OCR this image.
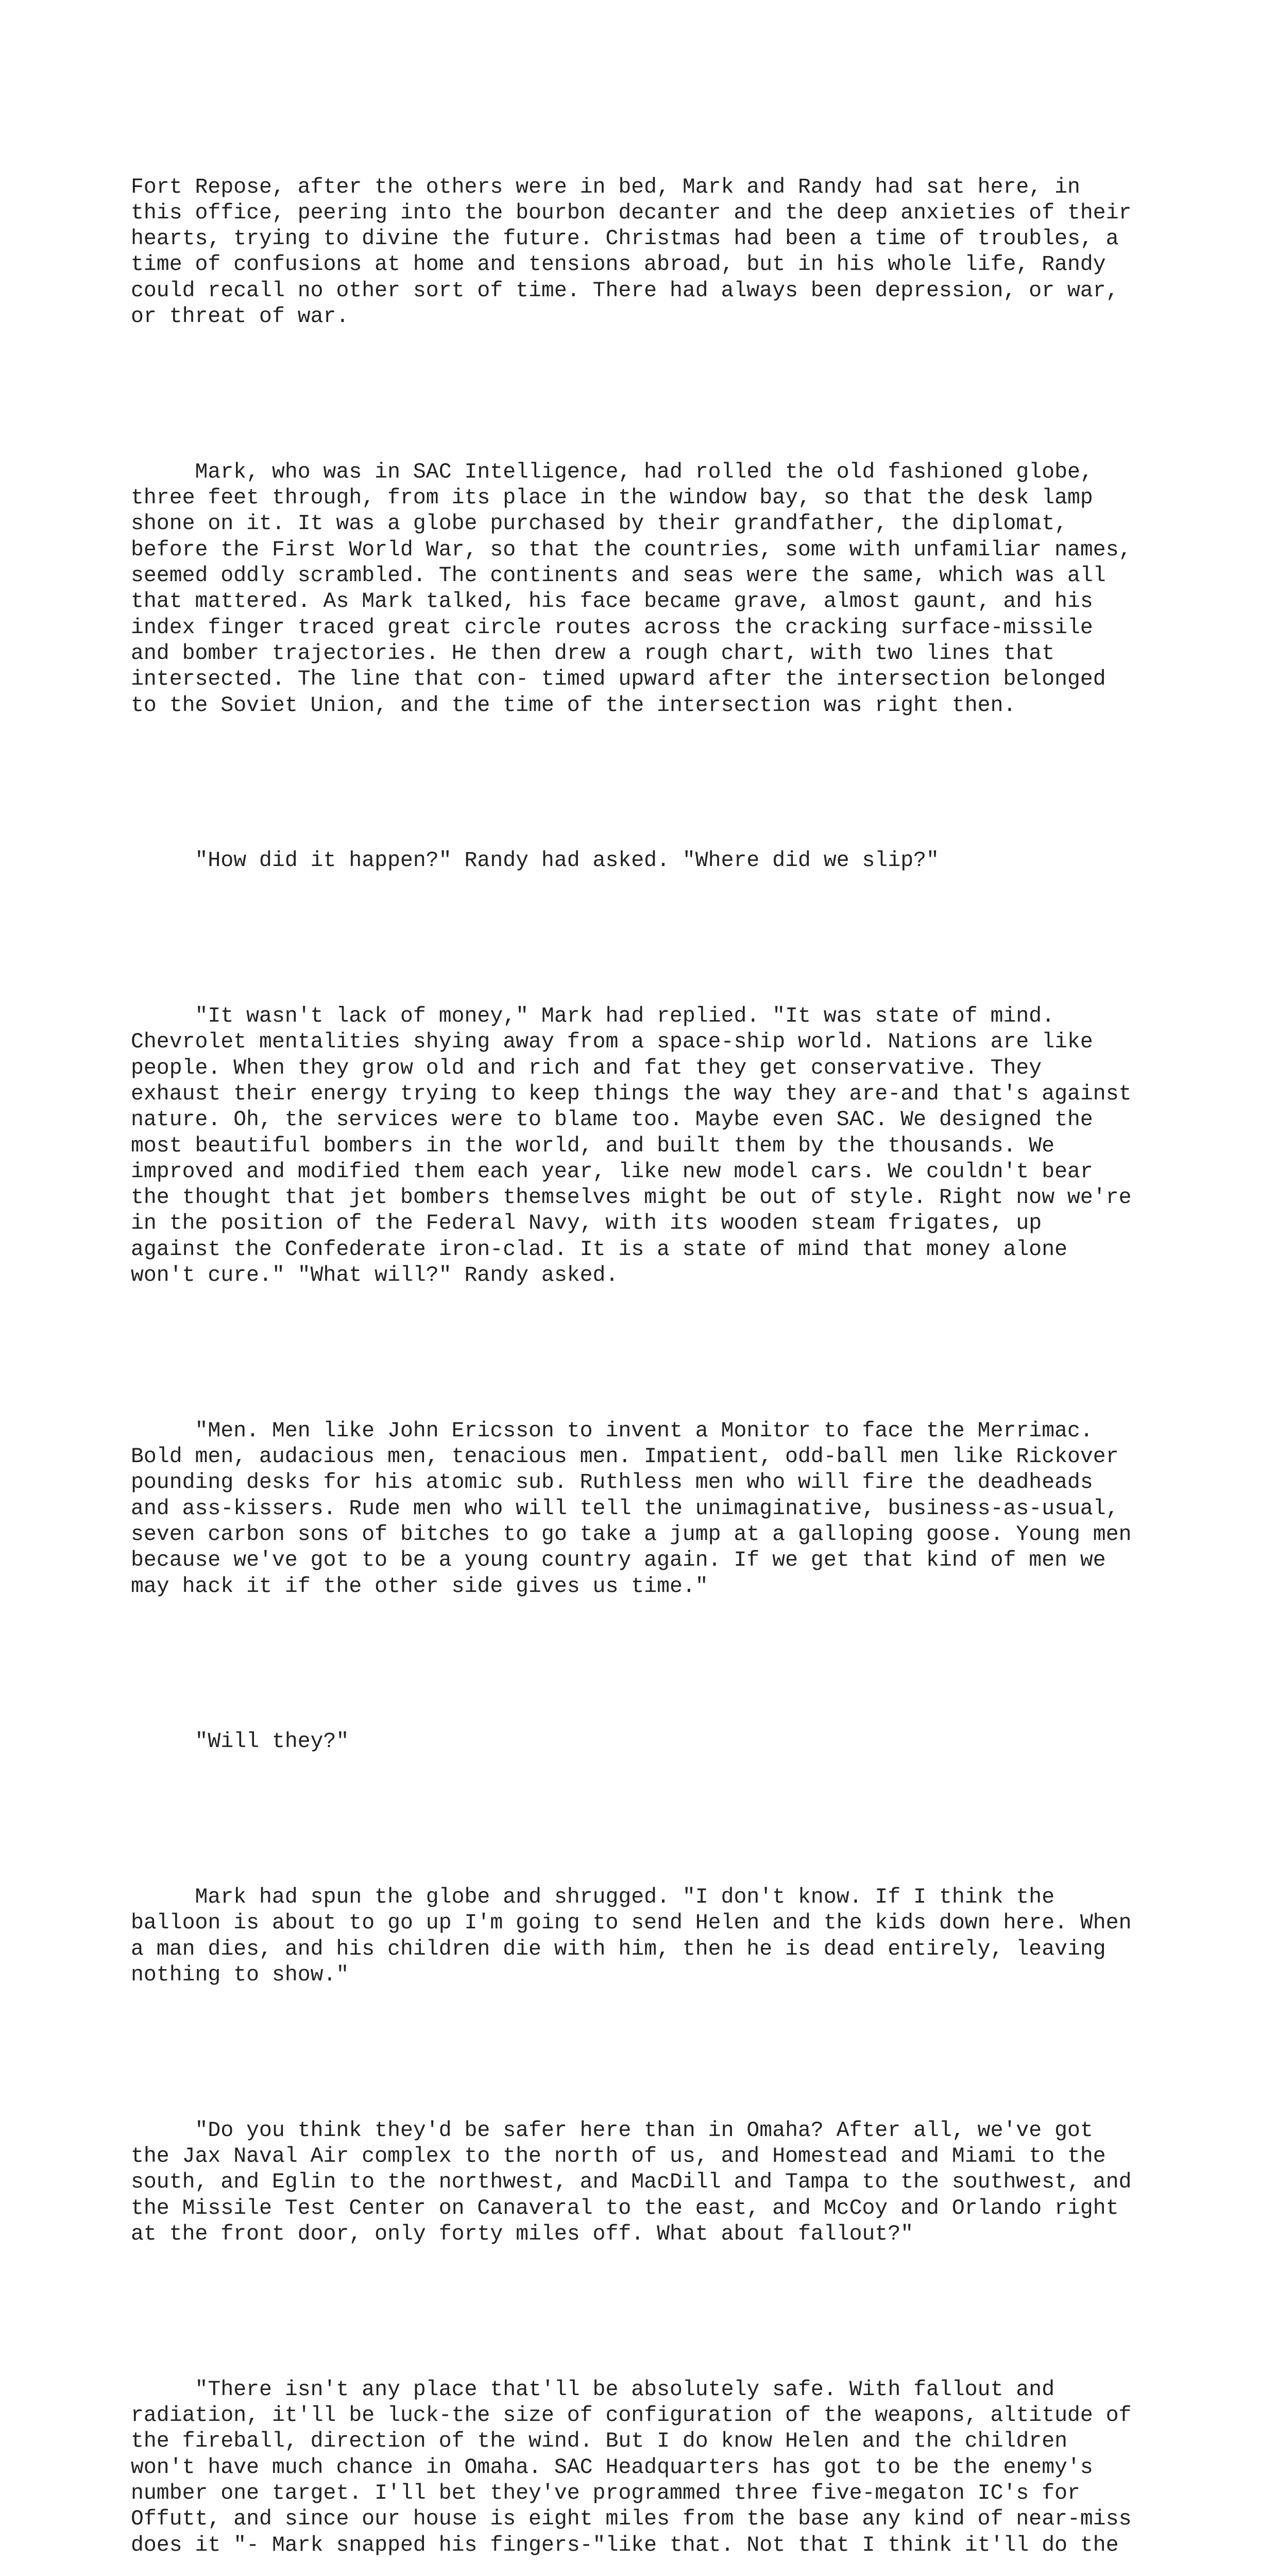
Fort Repose, after the others were in bed, Mark and Randy had sat here, in
this office, peering into the bourbon decanter and the deep anxieties of their
hearts, trying to divine the future. Christmas had been a time of troubles, a
time of confusions at home and tensions abroad, but in his whole life, Randy
could recall no other sort of time. There had always been depression, or war,
or threat of war.

Mark, who was in SAC Intelligence, had rolled the old fashioned globe,
three feet through, from its place in the window bay, so that the desk lamp
shone on it. It was a globe purchased by their grandfather, the diplomat,
before the First World War, so that the countries, some with unfamiliar names,
seemed oddly scrambled. The continents and seas were the same, which was all
that mattered. As Mark talked, his face became grave, almost gaunt, and his
index finger traced great circle routes across the cracking surface-missile
and bomber trajectories. He then drew a rough chart, with two lines that
intersected. The line that con- timed upward after the intersection belonged
to the Soviet Union, and the time of the intersection was right then.

"How did it happen?" Randy had asked. "Where did we slip?"

"It wasn't lack of money," Mark had replied. "It was state of mind.
Chevrolet mentalities shying away from a space-ship world. Nations are like
people. When they grow old and rich and fat they get conservative. They
exhaust their energy trying to keep things the way they are-and that's against
nature. Oh, the services were to blame too. Maybe even SAC. We designed the
most beautiful bombers in the world, and built them by the thousands. We
improved and modified them each year, like new model cars. We couldn't bear
the thought that jet bombers themselves might be out of style. Right now we're
in the position of the Federal Navy, with its wooden steam frigates, up
against the Confederate iron-clad. It is a state of mind that money alone
won't cure." "What will?" Randy asked.

"Men. Men like John Ericsson to invent a Monitor to face the Merrimac.
Bold men, audacious men, tenacious men. Impatient, odd-ball men like Rickover
pounding desks for his atomic sub. Ruthless men who will fire the deadheads
and ass-kissers. Rude men who will tell the unimaginative, business-as-usual,
seven carbon sons of bitches to go take a jump at a galloping goose. Young men
because we've got to be a young country again. If we get that kind of men we
may hack it if the other side gives us time."

"Will they?"

Mark had spun the globe and shrugged. "I don't know. If I think the
balloon is about to go up I'm going to send Helen and the kids down here. When
a man dies, and his children die with him, then he is dead entirely, leaving
nothing to show."

"Do you think they'd be safer here than in Omaha? After all, we've got
the Jax Naval Air complex to the north of us, and Homestead and Miami to the
south, and Eglin to the northwest, and MacDill and Tampa to the southwest, and
the Missile Test Center on Canaveral to the east, and McCoy and Orlando right
at the front door, only forty miles off. What about fallout?"

"There isn't any place that'll be absolutely safe. With fallout and
radiation, it'll be luck-the size of configuration of the weapons, altitude of
the fireball, direction of the wind. But I do know Helen and the children
won't have much chance in Omaha. SAC Headquarters has got to be the enemy's
number one target. I'll bet they've programmed three five-megaton IC's for
Offutt, and since our house is eight miles from the base any kind of near-miss
does it "- Mark snapped his fingers-"like that. Not that I think it'll do the
